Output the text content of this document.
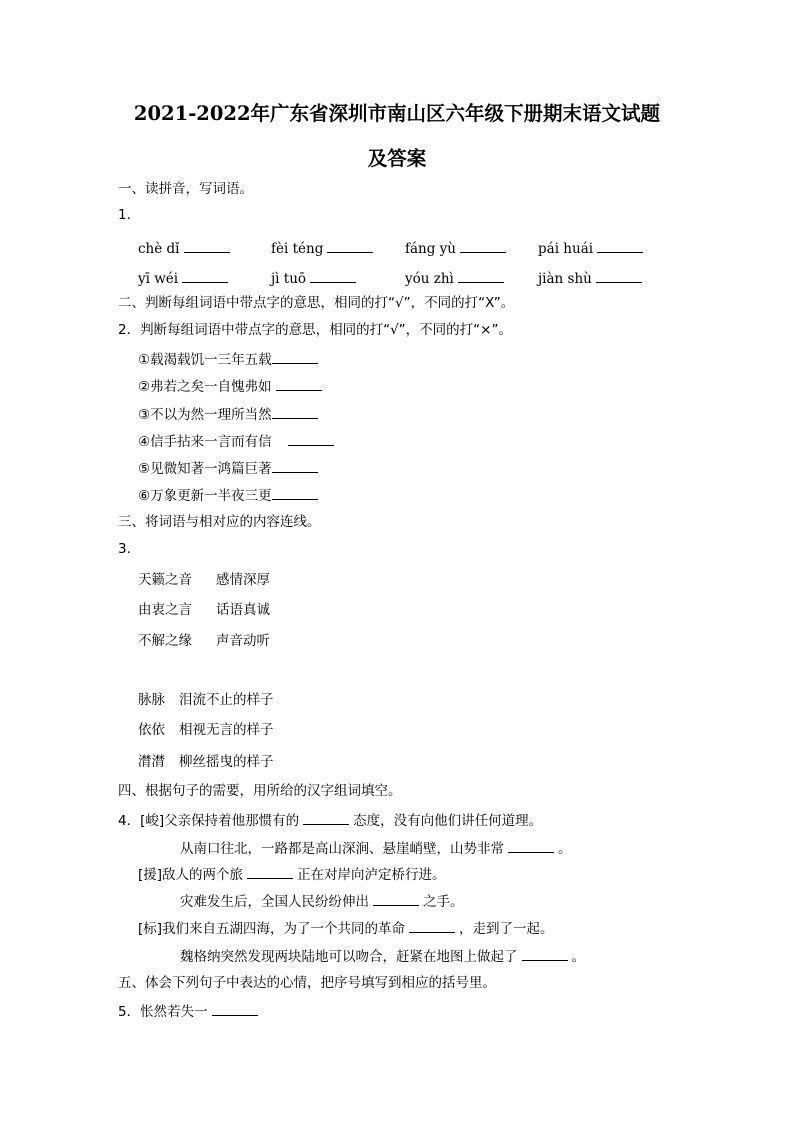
2021-2022年广东省深圳市南山区六年级下册期末语文试题
及答案
一、读拼音，写词语。
1.
chè dǐ	fèi téng	fáng yù	pái huái
yī wéi	jì tuō	yóu zhì	jiàn shù
二、判断每组词语中带点字的意思，相同的打“√”，不同的打“X”。
2．判断每组词语中带点字的意思，相同的打“√”，不同的打“×”。
①载渴载饥一三年五载
②弗若之矣一自愧弗如
③不以为然一理所当然
④信手拈来一言而有信
⑤见微知著一鸿篇巨著
⑥万象更新一半夜三更
三、将词语与相对应的内容连线。
3.
天籁之音 感情深厚
由衷之言 话语真诚
不解之缘 声音动听
脉脉 泪流不止的样子
依依 相视无言的样子
潸潸 柳丝摇曳的样子
四、根据句子的需要，用所给的汉字组词填空。
4．[峻]父亲保持着他那惯有的	态度，没有向他们讲任何道理。
从南口往北，一路都是高山深涧、悬崖峭壁，山势非常	。
[援]敌人的两个旅	正在对岸向泸定桥行进。
灾难发生后，全国人民纷纷伸出	之手。
[标]我们来自五湖四海，为了一个共同的革命	，走到了一起。
魏格纳突然发现两块陆地可以吻合，赶紧在地图上做起了	。
五、体会下列句子中表达的心情，把序号填写到相应的括号里。
5．怅然若失一
